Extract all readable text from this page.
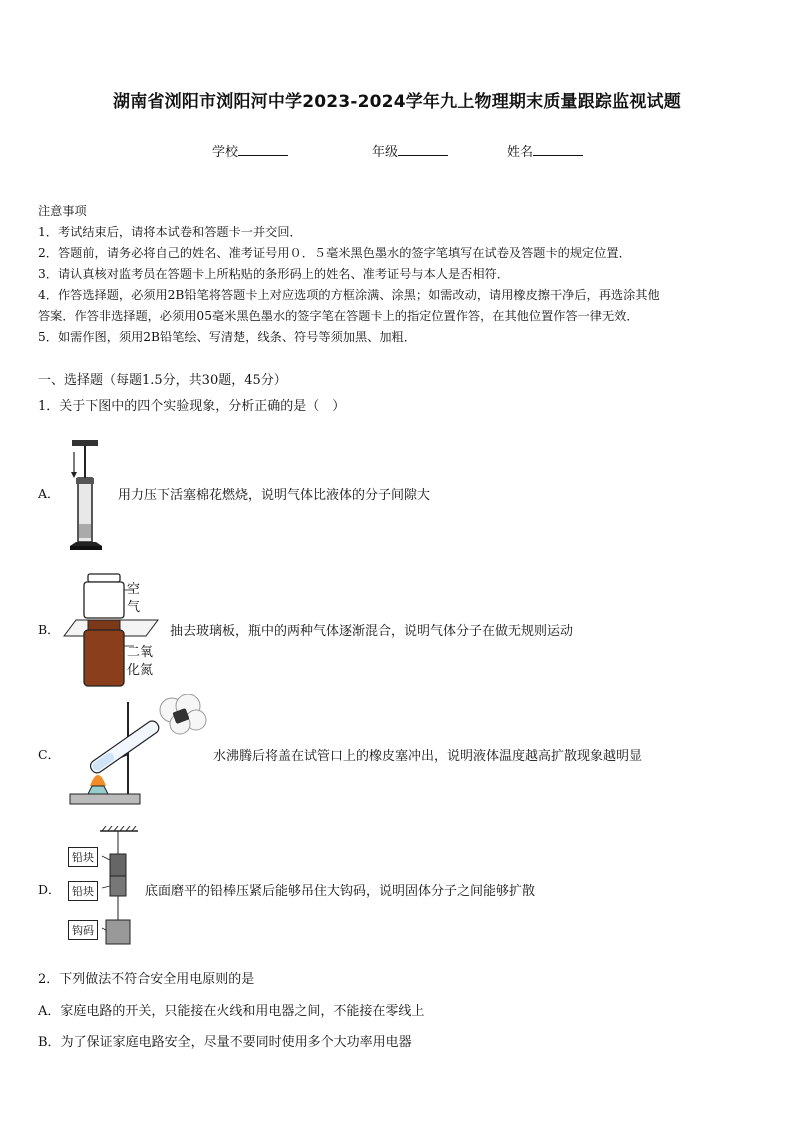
湖南省浏阳市浏阳河中学2023-2024学年九上物理期末质量跟踪监视试题
学校	年级	姓名
注意事项
1．考试结束后，请将本试卷和答题卡一并交回．
2．答题前，请务必将自己的姓名、准考证号用０．５毫米黑色墨水的签字笔填写在试卷及答题卡的规定位置．
3．请认真核对监考员在答题卡上所粘贴的条形码上的姓名、准考证号与本人是否相符．
4．作答选择题，必须用2B铅笔将答题卡上对应选项的方框涂满、涂黑；如需改动，请用橡皮擦干净后，再选涂其他
答案．作答非选择题，必须用05毫米黑色墨水的签字笔在答题卡上的指定位置作答，在其他位置作答一律无效．
5．如需作图，须用2B铅笔绘、写清楚，线条、符号等须加黑、加粗．
一、选择题（每题1.5分，共30题，45分）
1．关于下图中的四个实验现象，分析正确的是（　）
A．	用力压下活塞棉花燃烧，说明气体比液体的分子间隙大
B．
空
气
二氧
化氮
抽去玻璃板，瓶中的两种气体逐渐混合，说明气体分子在做无规则运动
C．	水沸腾后将盖在试管口上的橡皮塞冲出，说明液体温度越高扩散现象越明显
D．
铅块
铅块
钩码
底面磨平的铅棒压紧后能够吊住大钩码，说明固体分子之间能够扩散
2．下列做法不符合安全用电原则的是
A．家庭电路的开关，只能接在火线和用电器之间，不能接在零线上
B．为了保证家庭电路安全，尽量不要同时使用多个大功率用电器
